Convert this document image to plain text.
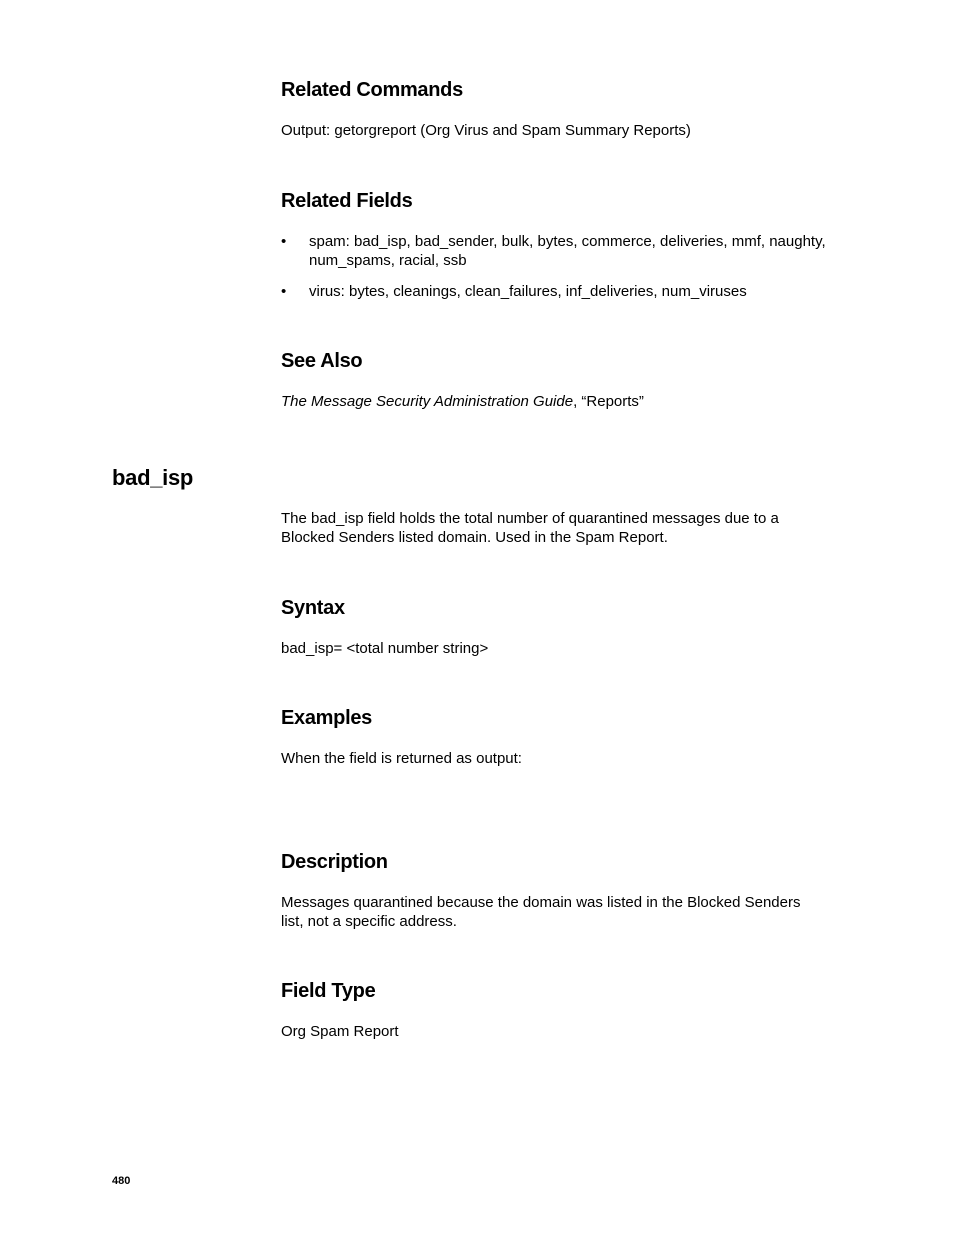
Related Commands

Output: getorgreport (Org Virus and Spam Summary Reports)

Related Fields
• spam: bad_isp, bad_sender, bulk, bytes, commerce, deliveries, mmf, naughty, num_spams, racial, ssb
• virus: bytes, cleanings, clean_failures, inf_deliveries, num_viruses
See Also

The Message Security Administration Guide, “Reports”

bad_isp

The bad_isp field holds the total number of quarantined messages due to a Blocked Senders listed domain. Used in the Spam Report.

Syntax

bad_isp= <total number string>

Examples

When the field is returned as output:

Description

Messages quarantined because the domain was listed in the Blocked Senders list, not a specific address.

Field Type

Org Spam Report

480
